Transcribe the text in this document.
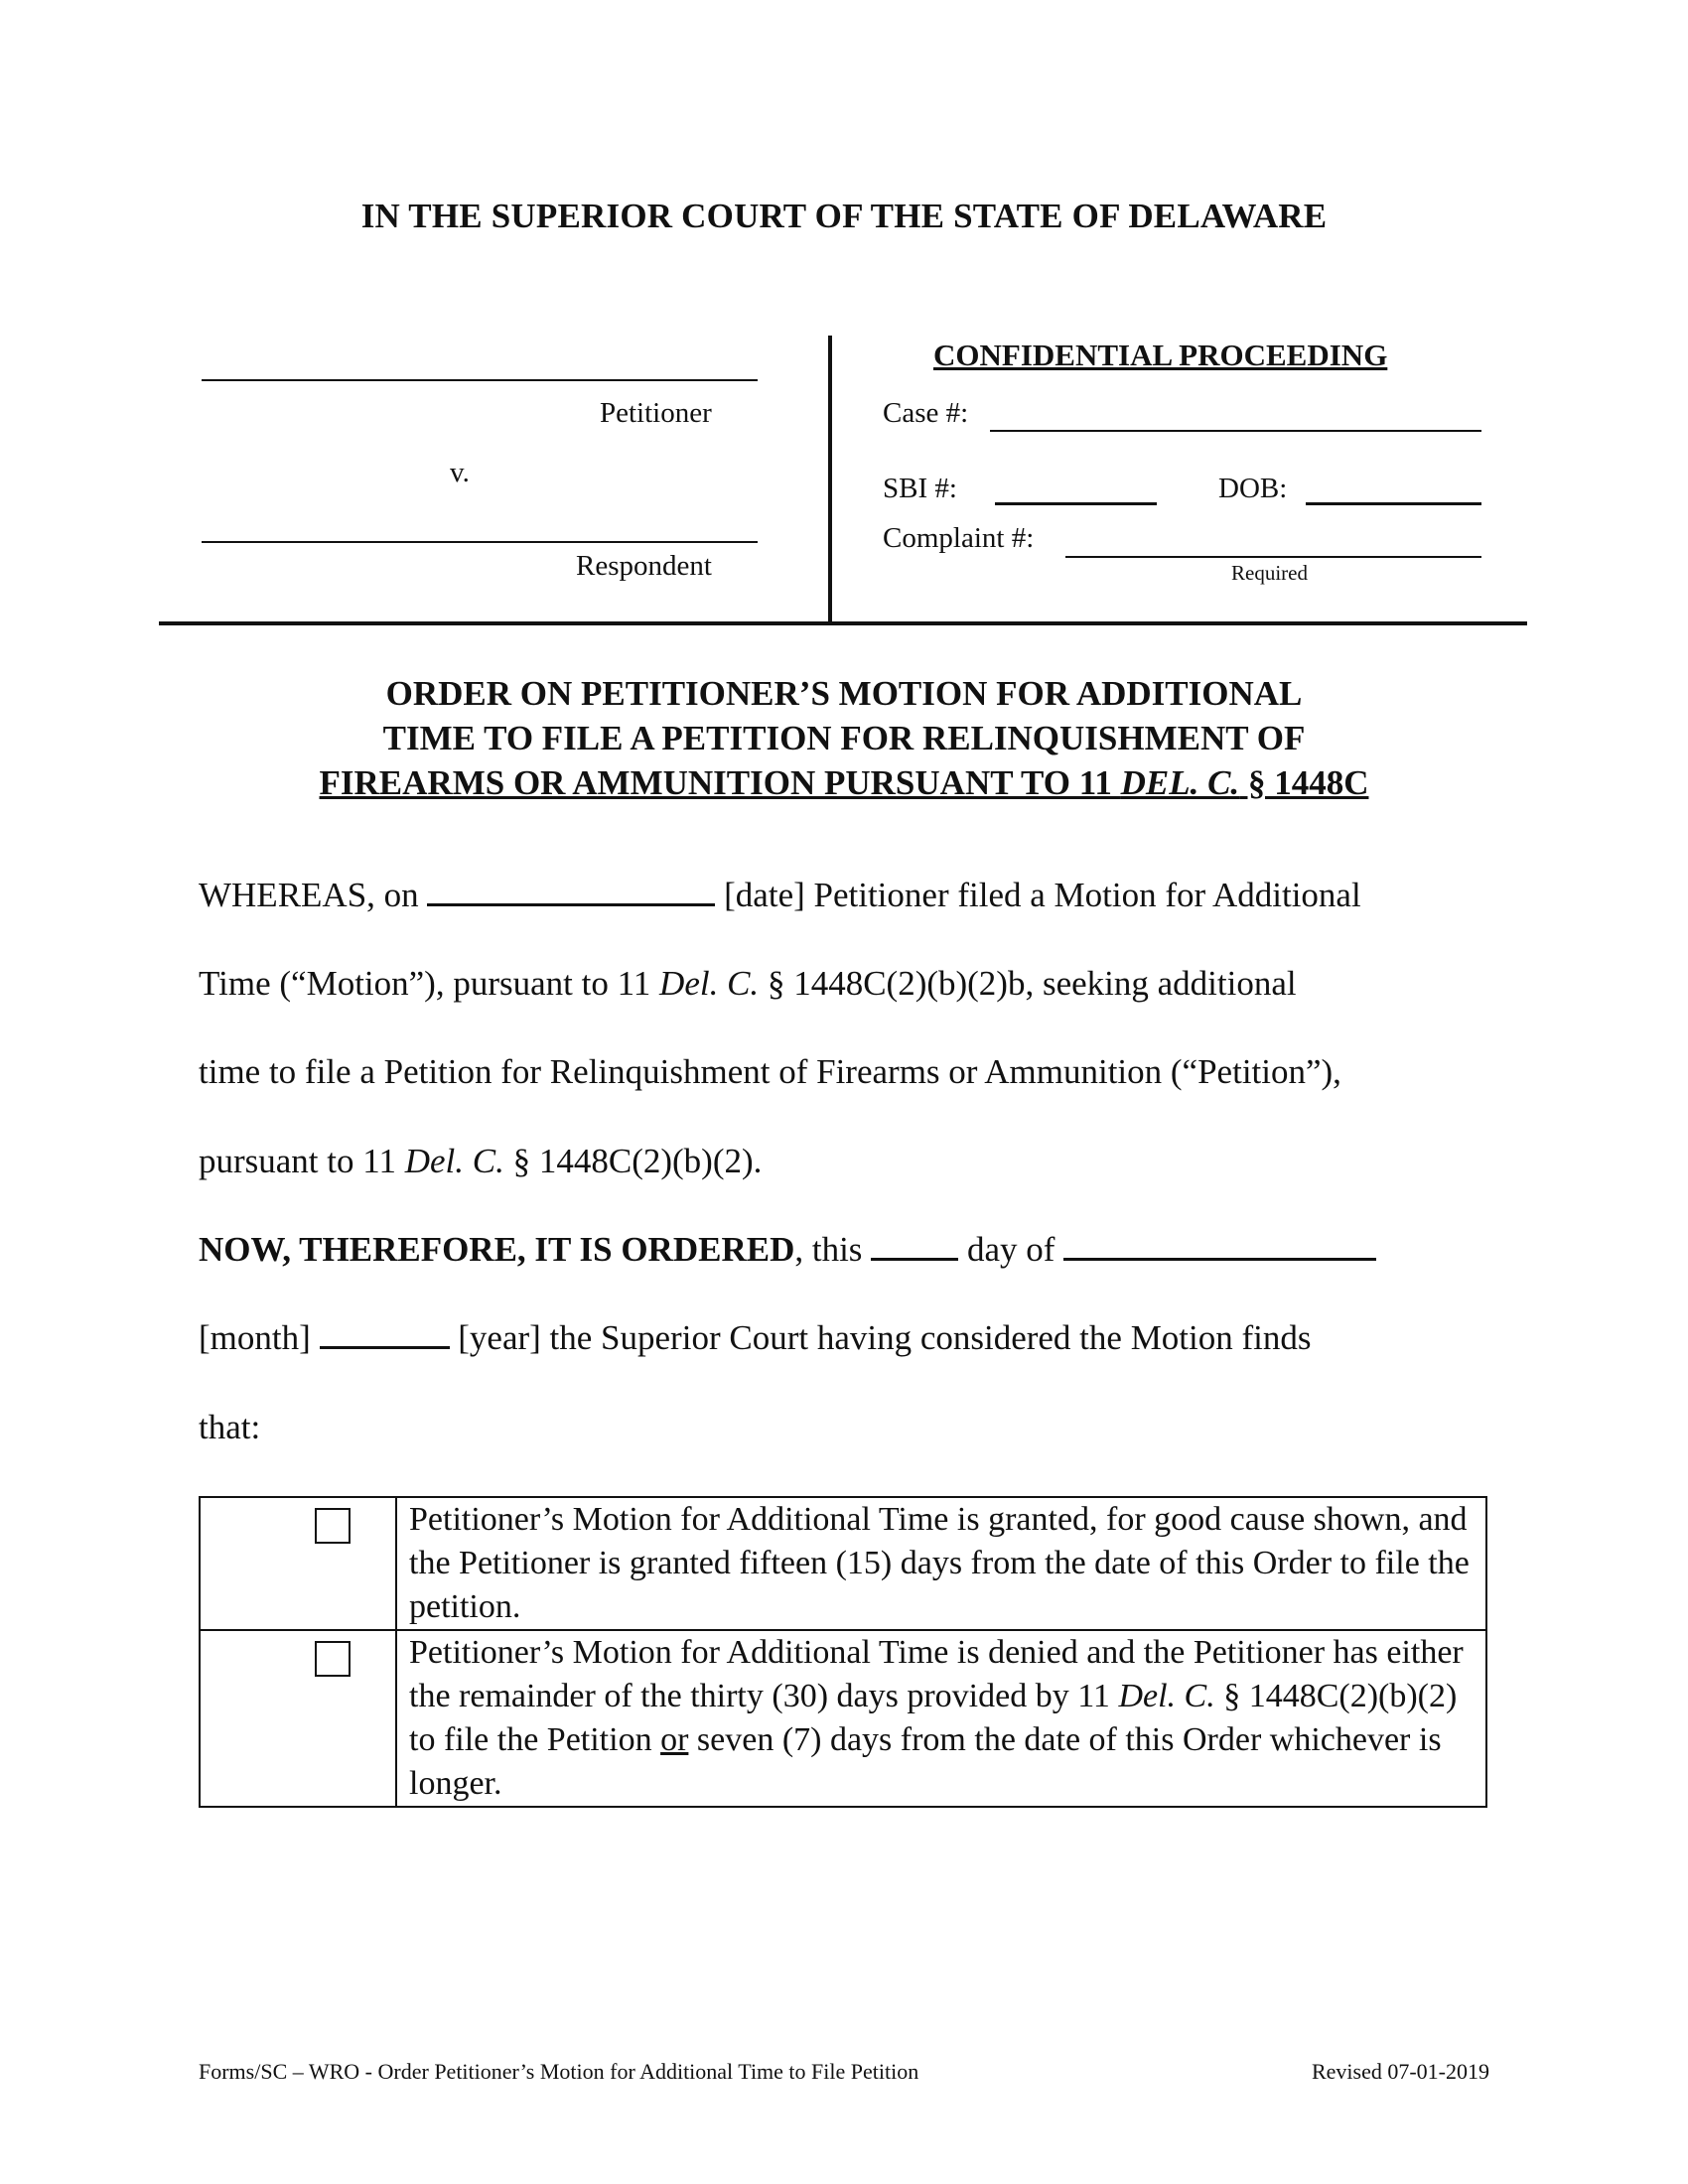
IN THE SUPERIOR COURT OF THE STATE OF DELAWARE
Petitioner
v.
Respondent
CONFIDENTIAL PROCEEDING
Case #:
SBI #:	DOB:
Complaint #:
Required
ORDER ON PETITIONER’S MOTION FOR ADDITIONAL
TIME TO FILE A PETITION FOR RELINQUISHMENT OF
FIREARMS OR AMMUNITION PURSUANT TO 11 DEL. C. § 1448C
WHEREAS, on	[date] Petitioner filed a Motion for Additional
Time (“Motion”), pursuant to 11 Del. C. § 1448C(2)(b)(2)b, seeking additional
time to file a Petition for Relinquishment of Firearms or Ammunition (“Petition”),
pursuant to 11 Del. C. § 1448C(2)(b)(2).
NOW, THEREFORE, IT IS ORDERED, this	day of
[month]	[year] the Superior Court having considered the Motion finds
that:
	Petitioner’s Motion for Additional Time is granted, for good cause shown, and the Petitioner is granted fifteen (15) days from the date of this Order to file the petition.

	Petitioner’s Motion for Additional Time is denied and the Petitioner has either the remainder of the thirty (30) days provided by 11 Del. C. § 1448C(2)(b)(2) to file the Petition or seven (7) days from the date of this Order whichever is longer.
Forms/SC – WRO - Order Petitioner’s Motion for Additional Time to File Petition	Revised 07-01-2019
